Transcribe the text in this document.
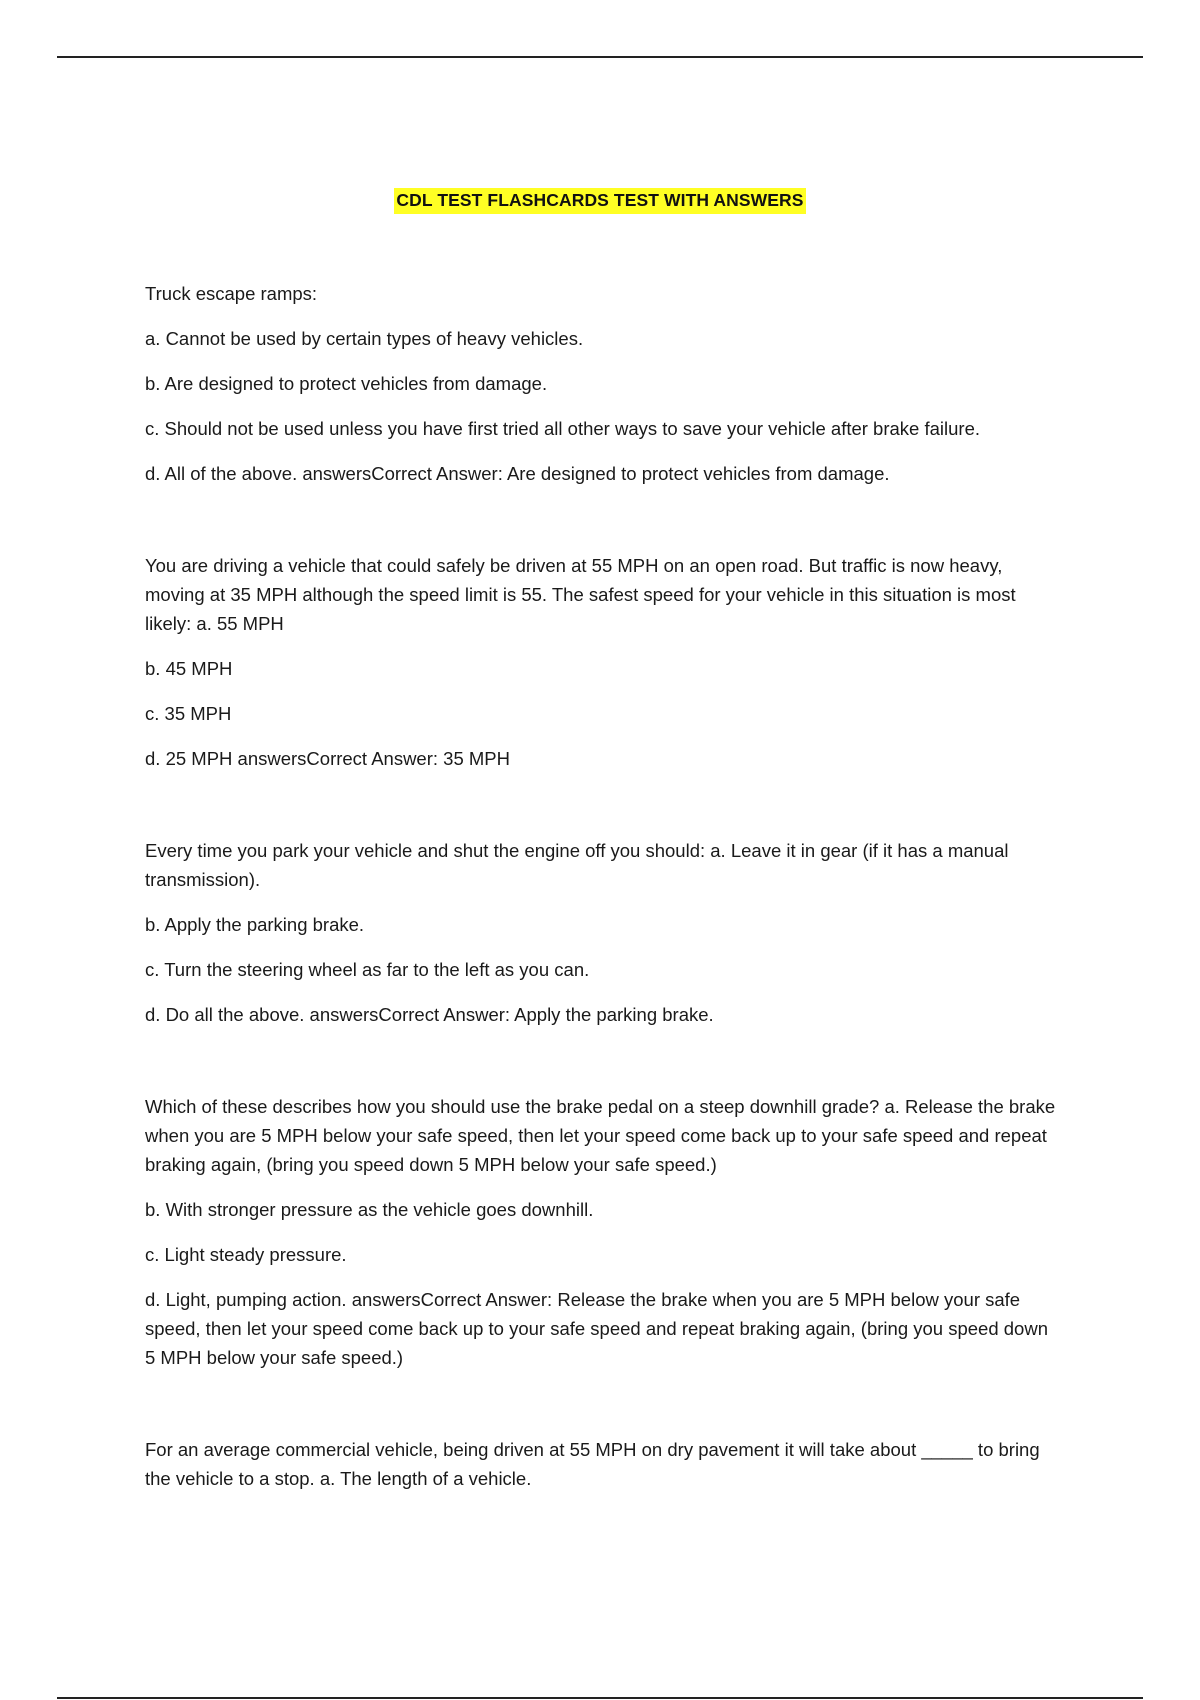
CDL TEST FLASHCARDS TEST WITH ANSWERS

Truck escape ramps:

a. Cannot be used by certain types of heavy vehicles.

b. Are designed to protect vehicles from damage.

c. Should not be used unless you have first tried all other ways to save your vehicle after brake failure.

d. All of the above. answersCorrect Answer: Are designed to protect vehicles from damage.

You are driving a vehicle that could safely be driven at 55 MPH on an open road. But traffic is now heavy, moving at 35 MPH although the speed limit is 55. The safest speed for your vehicle in this situation is most likely: a. 55 MPH

b. 45 MPH

c. 35 MPH

d. 25 MPH answersCorrect Answer: 35 MPH

Every time you park your vehicle and shut the engine off you should: a. Leave it in gear (if it has a manual transmission).

b. Apply the parking brake.

c. Turn the steering wheel as far to the left as you can.

d. Do all the above. answersCorrect Answer: Apply the parking brake.

Which of these describes how you should use the brake pedal on a steep downhill grade? a. Release the brake when you are 5 MPH below your safe speed, then let your speed come back up to your safe speed and repeat braking again, (bring you speed down 5 MPH below your safe speed.)

b. With stronger pressure as the vehicle goes downhill.

c. Light steady pressure.

d. Light, pumping action. answersCorrect Answer: Release the brake when you are 5 MPH below your safe speed, then let your speed come back up to your safe speed and repeat braking again, (bring you speed down 5 MPH below your safe speed.)

For an average commercial vehicle, being driven at 55 MPH on dry pavement it will take about _____ to bring the vehicle to a stop. a. The length of a vehicle.
